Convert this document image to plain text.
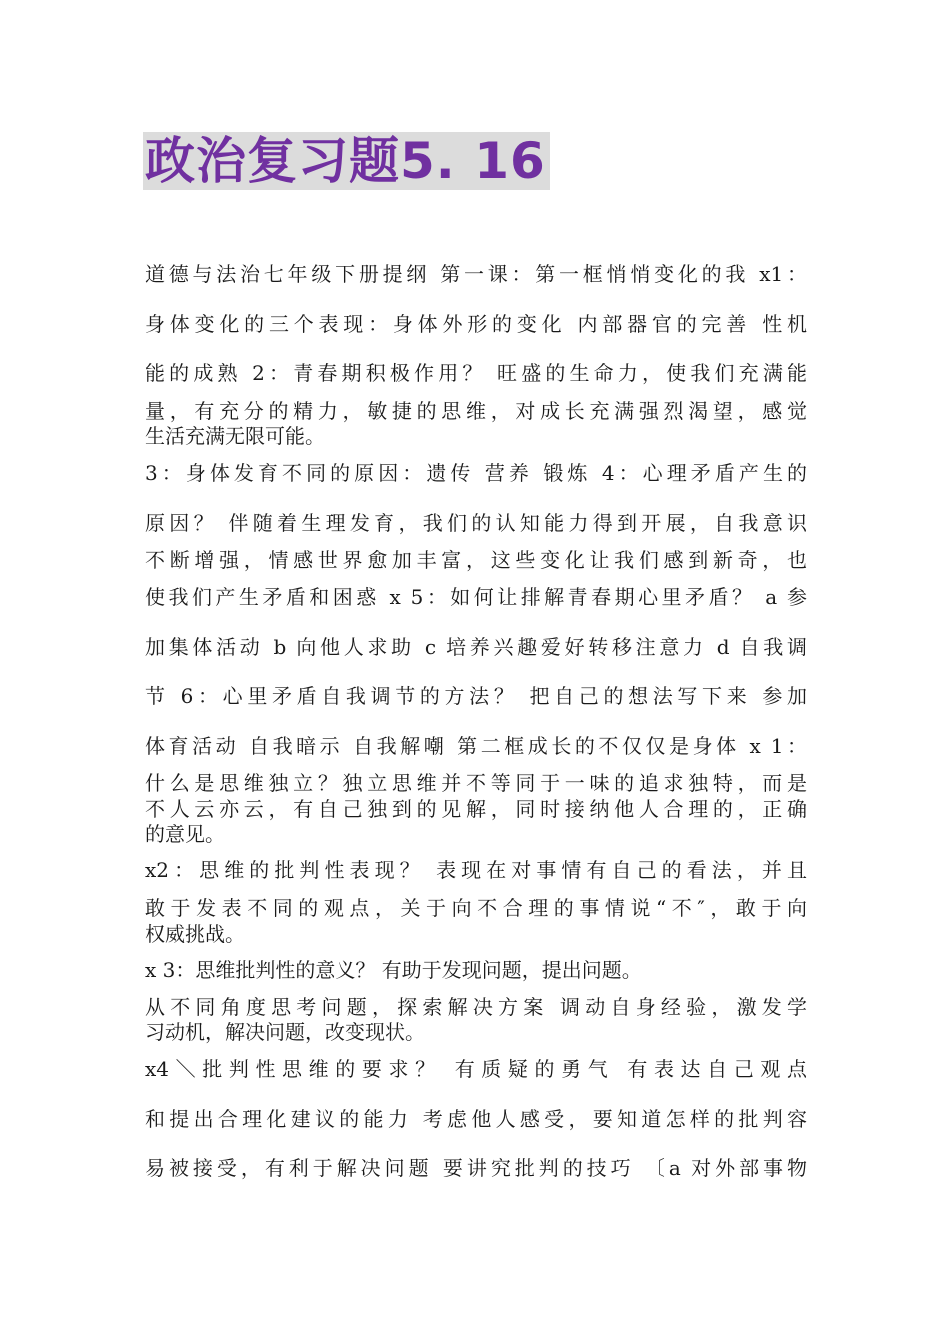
政治复习题5. 16
道德与法治七年级下册提纲 第一课：第一框悄悄变化的我 x1：
身体变化的三个表现：身体外形的变化 内部器官的完善 性机
能的成熟 2：青春期积极作用？ 旺盛的生命力，使我们充满能
量，有充分的精力，敏捷的思维，对成长充满强烈渴望，感觉
生活充满无限可能。
3：身体发育不同的原因：遗传 营养 锻炼 4：心理矛盾产生的
原因？ 伴随着生理发育，我们的认知能力得到开展，自我意识
不断增强，情感世界愈加丰富，这些变化让我们感到新奇，也
使我们产生矛盾和困惑 x 5：如何让排解青春期心里矛盾？ a 参
加集体活动 b 向他人求助 c 培养兴趣爱好转移注意力 d 自我调
节 6：心里矛盾自我调节的方法？ 把自己的想法写下来 参加
体育活动 自我暗示 自我解嘲 第二框成长的不仅仅是身体 x 1：
什么是思维独立？独立思维并不等同于一味的追求独特，而是
不人云亦云，有自己独到的见解，同时接纳他人合理的，正确
的意见。
x2：思维的批判性表现？ 表现在对事情有自己的看法，并且
敢于发表不同的观点，关于向不合理的事情说“不″，敢于向
权威挑战。
x 3：思维批判性的意义？ 有助于发现问题，提出问题。
从不同角度思考问题，探索解决方案 调动自身经验，激发学
习动机，解决问题，改变现状。
x4＼批判性思维的要求？ 有质疑的勇气 有表达自己观点
和提出合理化建议的能力 考虑他人感受，要知道怎样的批判容
易被接受，有利于解决问题 要讲究批判的技巧 〔a 对外部事物
